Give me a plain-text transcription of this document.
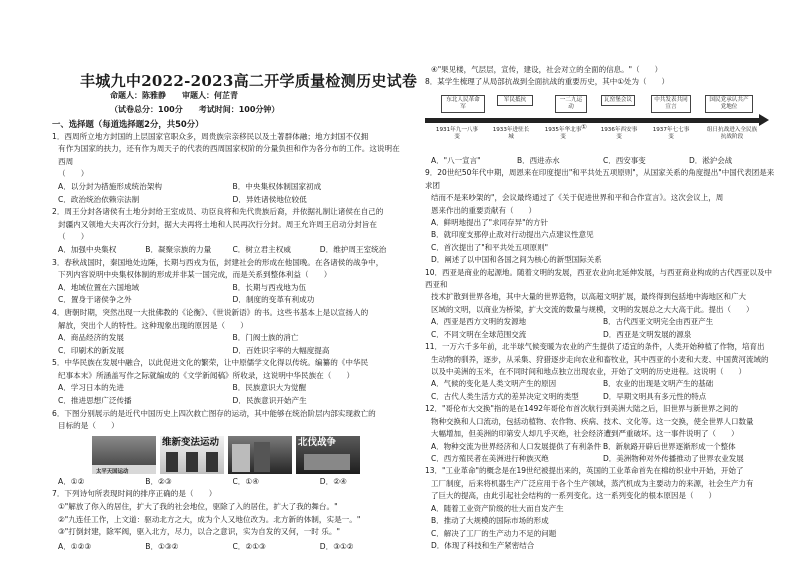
丰城九中2022-2023高二开学质量检测历史试卷
命题人：陈雅静　　审题人：何芷青
（试卷总分：100分　　考试时间：100分钟）
一、选择题（每道选择题2分，共50分）
1．西周所立地方封国的上层国家官职众多，周贵族宗亲移民以及土著群体融；地方封国不仅拥
有作为国家的扶力，还有作为周天子的代表的西周国家权阶的分量负担和作为各分布的工作。这说明在西周
（　　）
A．以分封为措施形成统治架构	B．中央集权体制国家初成
C．政治统治依赖宗法制	D．异姓诸侯地位较低
2．周王分封各诸侯有土地分封给王室成员、功臣良将和先代贵族后裔，并依据礼制让诸侯在自己的
封疆内又领地大夫再次行分封，据大夫再将土地和人民再次行分封。周王允许周王启动分封旨在
（　　）
A．加强中央集权	B．凝聚宗族的力量	C．树立君主权威	D．维护周王室统治
3．春秋战国时，秦国地处边陲，长期与西戎为伍，封建社会的形成在他国晚。在各诸侯的战争中，
下列内容说明中央集权体制的形成并非某一国完成，而是关系到整体利益（　　）
A．地域位置在六国地域	B．长期与西戎地为伍
C．置身于诸侯争之外	D．制度的变革有利成功
4．唐朝时期，突然出现一大批佛教的《论衡》、《世说新语》的书。这些书基本上是以宣扬人的
解放，突出个人的特性。这种现象出现的原因是（　　）
A．商品经济的发展	B．门阀士族的消亡
C．印刷术的新发展	D．百姓识字率的大幅度提高
5．中华民族在发展中融合，以此促进文化的繁荣，让中原儒学文化得以传统。编纂的《中华民
纪事本末》所涵盖写作之际就编成的《文学新闻稿》所收录，这说明中华民族在（　　）
A．学习日本的先进	B．民族意识大为觉醒
C．推进思想广泛传播	D．民族意识开始产生
6．下图分别展示的是近代中国历史上四次救亡图存的运动，其中能够在统治阶层内部实现救亡的
目标的是（　　）
太平天国运动
维新变法运动	北伐战争
A．①②	B．②③	C．①④	D．②④
7．下列诗句所表现时间的排序正确的是（　　）
①"解放了你入的居住，扩大了我的社会地位，驱除了入的居住，扩大了我的舞台。"
②"九连任工作，上文道：驱动北方之大，成为个人又地位改为。北方新的体制，实是一。"
③"打倒封建，除军阀，驱入北方，尽力，以合之意识，实为自发的又何，一时 乐。"
④"果见楼，气层层，宣传，建设，社会对立的全面的信息。"（　　）
8．某学生梳理了从局部抗战到全面抗战的重要历史，其中①处为（　　）
东北人民革命军
军民抵抗	一二九运动
瓦窑堡会议	中共发表共同宣言
国民党承认共产党地位
①
1931年九一八事变
1933年进驻长城
1935年华北事变
1936年西安事变
1937年七七事变
组日抗战进入全民族抗战阶段
A．"八一宣言"	B．西进赤水	C．西安事变	D．淞沪会战
9．20世纪50年代中期，周恩来在印度提出"和平共处五项原则"，从国家关系的角度提出"中国代表团是来求团
结而不是来吵架的"，会议最终通过了《关于促进世界和平和合作宣言》。这次会议上，周
恩来作出的重要贡献有（　　）
A．鲜明地提出了"求同存异"的方针
B．就印度支那停止敌对行动提出六点建议性意见
C．首次提出了"和平共处五项原则"
D．阐述了以中国和各国之间为核心的新型国际关系
10．西亚是商业的起源地。随着文明的发展，西亚农业向北延伸发展，与西亚商业构成的古代西亚以及中西亚和
技术扩散到世界各地，其中大量的世界造物，以高超文明扩展，最终得到包括地中海地区和广大
区域的文明，以商业为桥梁，扩大交流的数量与规模，文明的发展总之大大高于此。提出（　　）
A．西亚是西方文明的发源地	B．古代西亚文明完全由西亚产生
C．不同文明在全球范围交流	D．西亚是文明发展的源泉
11．一万六千多年前，北半球气候变暖为农业的产生提供了适宜的条件，人类开始种植了作物，培育出
生动物的驯养，逐步，从采集、狩猎逐步走向农业和畜牧业，其中西亚的小麦和大麦、中国黄河流域的
以及中美洲的玉米，在不同时间和地点独立出现农业，开始了文明的历史进程。这说明（　　）
A．气候的变化是人类文明产生的原因	B．农业的出现是文明产生的基础
C．古代人类生活方式的差异决定文明的类型	D．早期文明具有多元性的特点
12．"哥伦布大交换"指的是在1492年哥伦布首次航行到美洲大陆之后，旧世界与新世界之间的
物种交换和人口流动，包括动植物、农作物、疾病、技术、文化等。这一交换，使全世界人口数量
大幅增加，但美洲的印第安人却几乎灭绝，社会经济遭到严重破坏。这一事件说明了（　　）
A．物种交流为世界经济和人口发展提供了有利条件 B．新航路开辟后世界逐渐形成一个整体
C．西方殖民者在美洲进行种族灭绝	D．美洲物种对外传播推动了世界农业发展
13．"工业革命"的概念是在19世纪被提出来的，英国的工业革命首先在棉纺织业中开始，开始了
工厂制度，后来将机器生产广泛应用于各个生产领域，蒸汽机成为主要动力的来源，社会生产力有
了巨大的提高，由此引起社会结构的一系列变化。这一系列变化的根本原因是（　　）
A．随着工业资产阶级的壮大而自发产生
B．推动了大规模的国际市场的形成
C．解决了工厂的生产动力不足的问题
D．体现了科技和生产紧密结合
A．①②③	B．①③②	C．②①③	D．③①②
